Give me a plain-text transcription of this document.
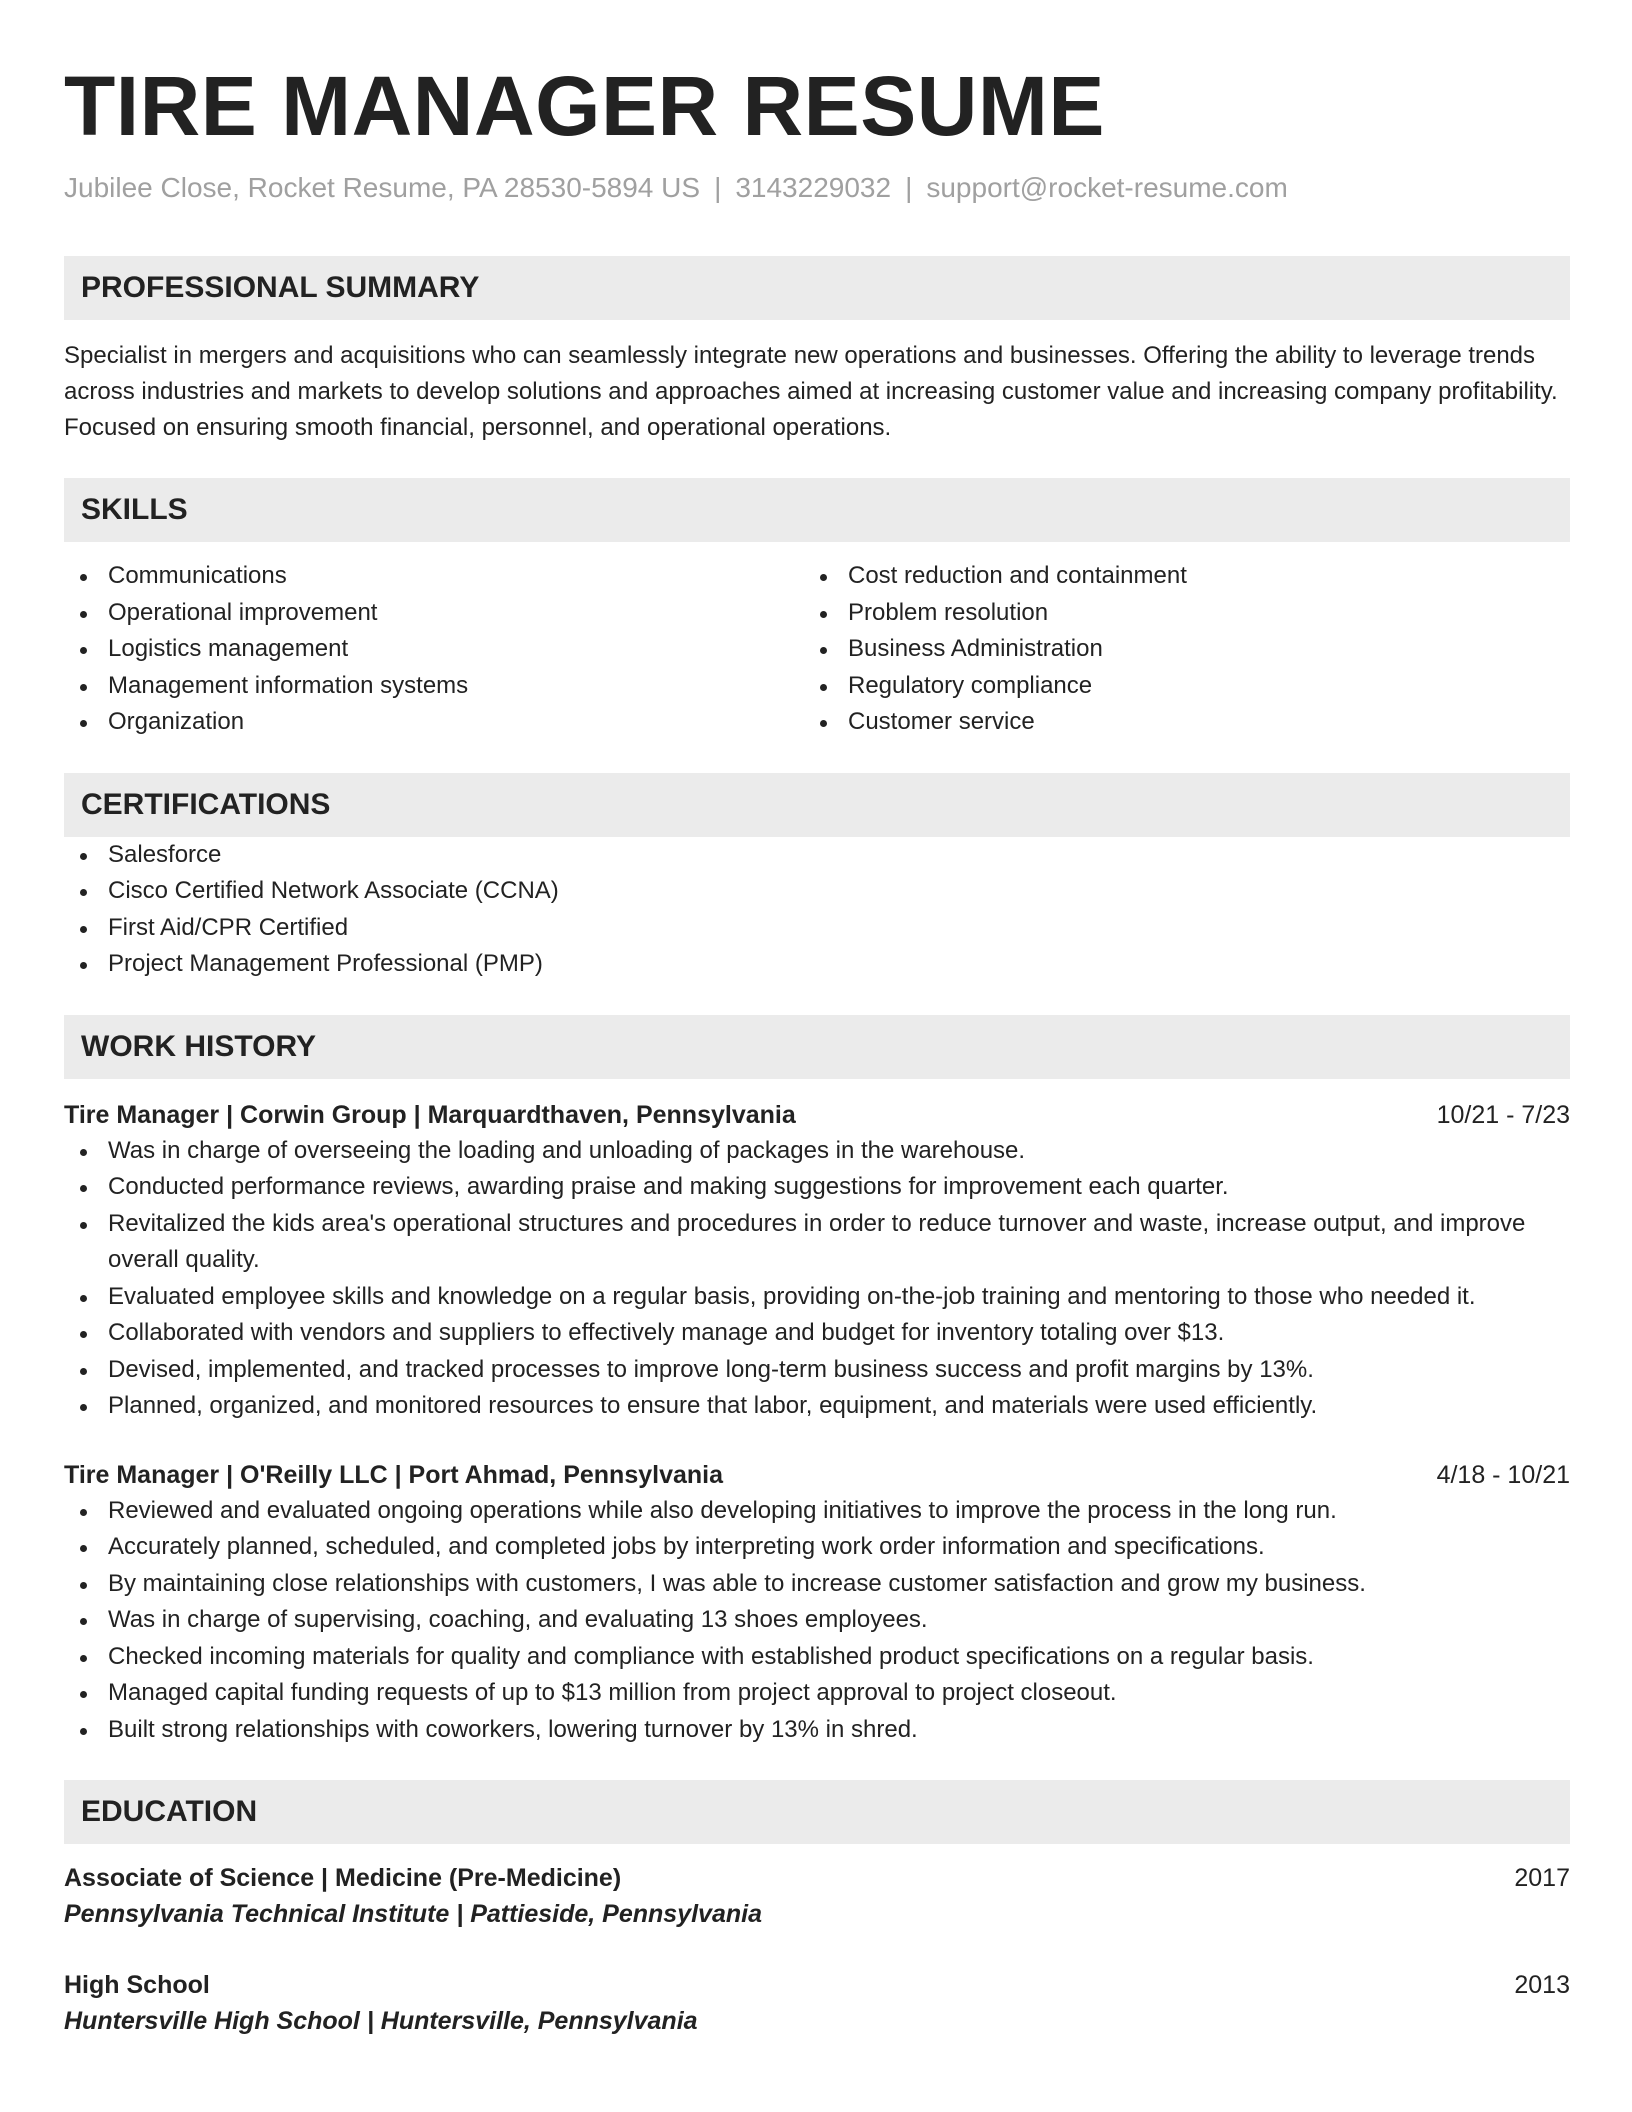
TIRE MANAGER RESUME
Jubilee Close, Rocket Resume, PA 28530-5894 US | 3143229032 | support@rocket-resume.com
PROFESSIONAL SUMMARY
Specialist in mergers and acquisitions who can seamlessly integrate new operations and businesses. Offering the ability to leverage trends across industries and markets to develop solutions and approaches aimed at increasing customer value and increasing company profitability. Focused on ensuring smooth financial, personnel, and operational operations.
SKILLS
Communications
Operational improvement
Logistics management
Management information systems
Organization
Cost reduction and containment
Problem resolution
Business Administration
Regulatory compliance
Customer service
CERTIFICATIONS
Salesforce
Cisco Certified Network Associate (CCNA)
First Aid/CPR Certified
Project Management Professional (PMP)
WORK HISTORY
Tire Manager | Corwin Group | Marquardthaven, Pennsylvania	10/21 - 7/23
Was in charge of overseeing the loading and unloading of packages in the warehouse.
Conducted performance reviews, awarding praise and making suggestions for improvement each quarter.
Revitalized the kids area's operational structures and procedures in order to reduce turnover and waste, increase output, and improve overall quality.
Evaluated employee skills and knowledge on a regular basis, providing on-the-job training and mentoring to those who needed it.
Collaborated with vendors and suppliers to effectively manage and budget for inventory totaling over $13.
Devised, implemented, and tracked processes to improve long-term business success and profit margins by 13%.
Planned, organized, and monitored resources to ensure that labor, equipment, and materials were used efficiently.
Tire Manager | O'Reilly LLC | Port Ahmad, Pennsylvania	4/18 - 10/21
Reviewed and evaluated ongoing operations while also developing initiatives to improve the process in the long run.
Accurately planned, scheduled, and completed jobs by interpreting work order information and specifications.
By maintaining close relationships with customers, I was able to increase customer satisfaction and grow my business.
Was in charge of supervising, coaching, and evaluating 13 shoes employees.
Checked incoming materials for quality and compliance with established product specifications on a regular basis.
Managed capital funding requests of up to $13 million from project approval to project closeout.
Built strong relationships with coworkers, lowering turnover by 13% in shred.
EDUCATION
Associate of Science | Medicine (Pre-Medicine)	2017
Pennsylvania Technical Institute | Pattieside, Pennsylvania
High School	2013
Huntersville High School | Huntersville, Pennsylvania
